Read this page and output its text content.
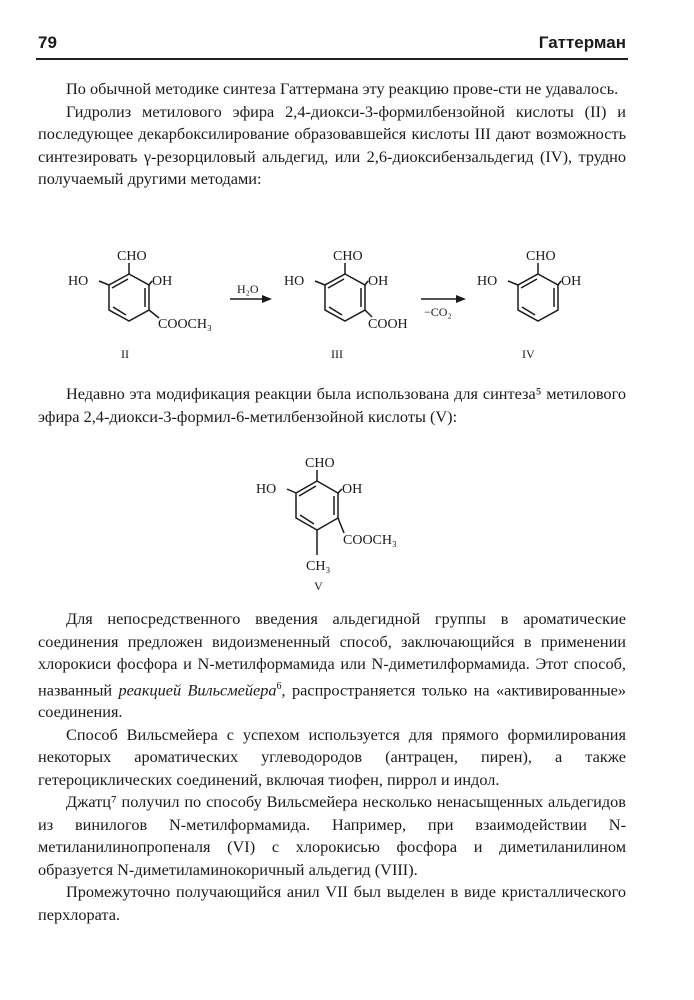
79	Гаттерман

По обычной методике синтеза Гаттермана эту реакцию прове-сти не удавалось.

Гидролиз метилового эфира 2,4-диокси-3-формилбензойной кислоты (II) и последующее декарбоксилирование образовавшейся кислоты III дают возможность синтезировать γ-резорциловый альдегид, или 2,6-диоксибензальдегид (IV), трудно получаемый другими методами:

CHO
HO	OH
COOCH₃
II
H₂O
CHO
HO	OH
COOH
III
−CO₂
CHO
HO	OH
IV

Недавно эта модификация реакции была использована для синтеза⁵ метилового эфира 2,4-диокси-3-формил-6-метилбензойной кислоты (V):

CHO
HO	OH
COOCH₃
CH₃
V

Для непосредственного введения альдегидной группы в ароматические соединения предложен видоизмененный способ, заключающийся в применении хлорокиси фосфора и N-метилформамида или N-диметилформамида. Этот способ, названный реакцией Вильсмейера$^6$, распространяется только на «активированные» соединения.

Способ Вильсмейера с успехом используется для прямого формилирования некоторых ароматических углеводородов (антрацен, пирен), а также гетероциклических соединений, включая тиофен, пиррол и индол.

Джатц⁷ получил по способу Вильсмейера несколько ненасыщенных альдегидов из винилогов N-метилформамида. Например, при взаимодействии N-метиланилинопропеналя (VI) с хлорокисью фосфора и диметиланилином образуется N-диметиламинокоричный альдегид (VIII).

Промежуточно получающийся анил VII был выделен в виде кристаллического перхлората.
